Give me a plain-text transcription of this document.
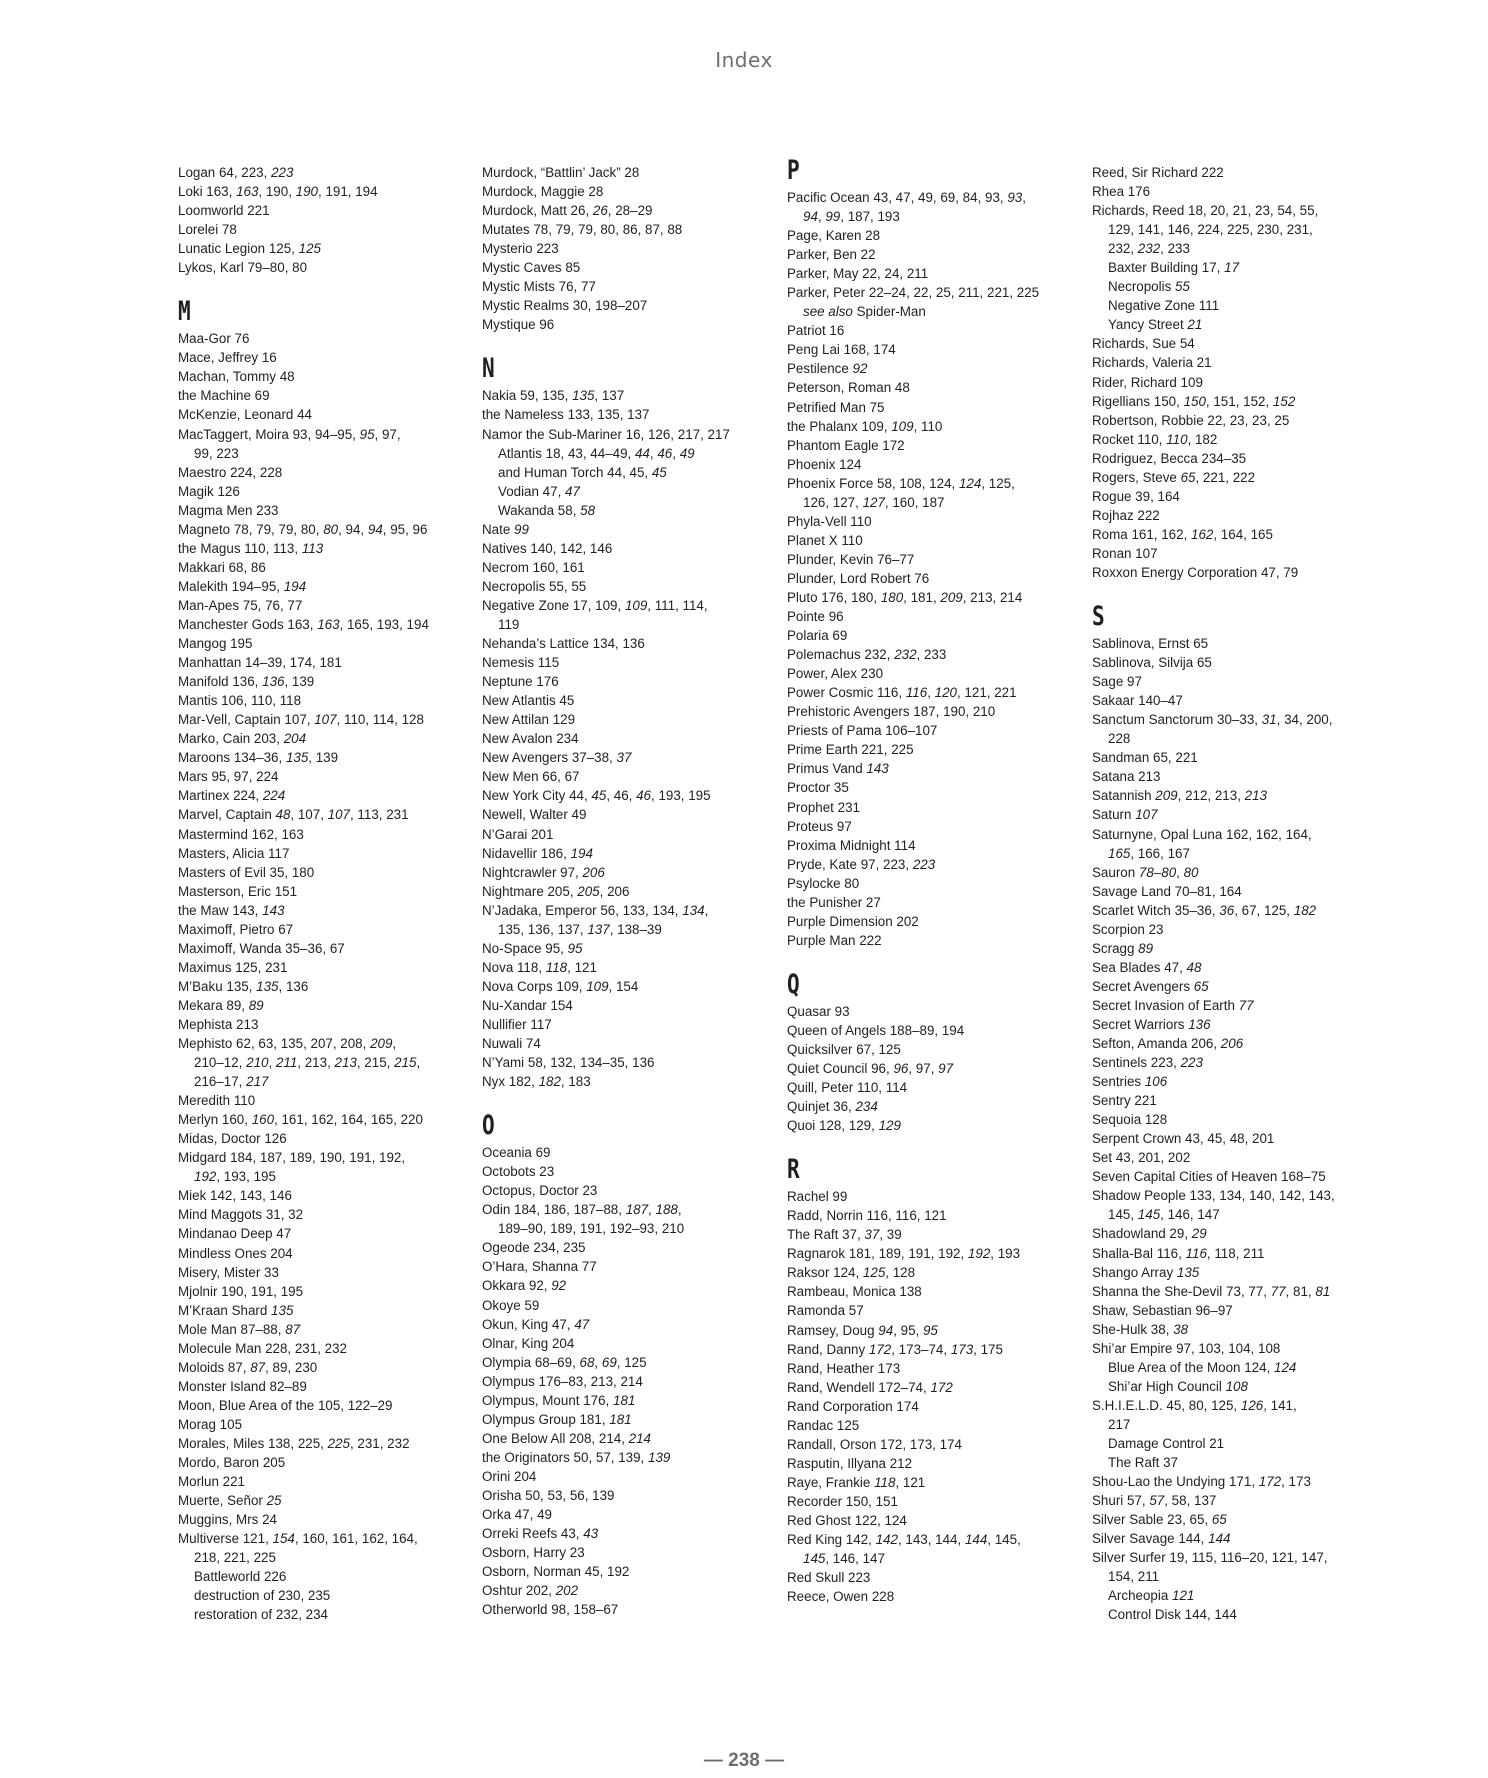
Index
Logan 64, 223, 223
Loki 163, 163, 190, 190, 191, 194
Loomworld 221
Lorelei 78
Lunatic Legion 125, 125
Lykos, Karl 79–80, 80
M
Maa-Gor 76
Mace, Jeffrey 16
Machan, Tommy 48
the Machine 69
McKenzie, Leonard 44
MacTaggert, Moira 93, 94–95, 95, 97,
99, 223
Maestro 224, 228
Magik 126
Magma Men 233
Magneto 78, 79, 79, 80, 80, 94, 94, 95, 96
the Magus 110, 113, 113
Makkari 68, 86
Malekith 194–95, 194
Man-Apes 75, 76, 77
Manchester Gods 163, 163, 165, 193, 194
Mangog 195
Manhattan 14–39, 174, 181
Manifold 136, 136, 139
Mantis 106, 110, 118
Mar-Vell, Captain 107, 107, 110, 114, 128
Marko, Cain 203, 204
Maroons 134–36, 135, 139
Mars 95, 97, 224
Martinex 224, 224
Marvel, Captain 48, 107, 107, 113, 231
Mastermind 162, 163
Masters, Alicia 117
Masters of Evil 35, 180
Masterson, Eric 151
the Maw 143, 143
Maximoff, Pietro 67
Maximoff, Wanda 35–36, 67
Maximus 125, 231
M’Baku 135, 135, 136
Mekara 89, 89
Mephista 213
Mephisto 62, 63, 135, 207, 208, 209,
210–12, 210, 211, 213, 213, 215, 215,
216–17, 217
Meredith 110
Merlyn 160, 160, 161, 162, 164, 165, 220
Midas, Doctor 126
Midgard 184, 187, 189, 190, 191, 192,
192, 193, 195
Miek 142, 143, 146
Mind Maggots 31, 32
Mindanao Deep 47
Mindless Ones 204
Misery, Mister 33
Mjolnir 190, 191, 195
M’Kraan Shard 135
Mole Man 87–88, 87
Molecule Man 228, 231, 232
Moloids 87, 87, 89, 230
Monster Island 82–89
Moon, Blue Area of the 105, 122–29
Morag 105
Morales, Miles 138, 225, 225, 231, 232
Mordo, Baron 205
Morlun 221
Muerte, Señor 25
Muggins, Mrs 24
Multiverse 121, 154, 160, 161, 162, 164,
218, 221, 225
Battleworld 226
destruction of 230, 235
restoration of 232, 234
Murdock, “Battlin’ Jack” 28
Murdock, Maggie 28
Murdock, Matt 26, 26, 28–29
Mutates 78, 79, 79, 80, 86, 87, 88
Mysterio 223
Mystic Caves 85
Mystic Mists 76, 77
Mystic Realms 30, 198–207
Mystique 96
N
Nakia 59, 135, 135, 137
the Nameless 133, 135, 137
Namor the Sub-Mariner 16, 126, 217, 217
Atlantis 18, 43, 44–49, 44, 46, 49
and Human Torch 44, 45, 45
Vodian 47, 47
Wakanda 58, 58
Nate 99
Natives 140, 142, 146
Necrom 160, 161
Necropolis 55, 55
Negative Zone 17, 109, 109, 111, 114,
119
Nehanda’s Lattice 134, 136
Nemesis 115
Neptune 176
New Atlantis 45
New Attilan 129
New Avalon 234
New Avengers 37–38, 37
New Men 66, 67
New York City 44, 45, 46, 46, 193, 195
Newell, Walter 49
N’Garai 201
Nidavellir 186, 194
Nightcrawler 97, 206
Nightmare 205, 205, 206
N’Jadaka, Emperor 56, 133, 134, 134,
135, 136, 137, 137, 138–39
No-Space 95, 95
Nova 118, 118, 121
Nova Corps 109, 109, 154
Nu-Xandar 154
Nullifier 117
Nuwali 74
N’Yami 58, 132, 134–35, 136
Nyx 182, 182, 183
O
Oceania 69
Octobots 23
Octopus, Doctor 23
Odin 184, 186, 187–88, 187, 188,
189–90, 189, 191, 192–93, 210
Ogeode 234, 235
O’Hara, Shanna 77
Okkara 92, 92
Okoye 59
Okun, King 47, 47
Olnar, King 204
Olympia 68–69, 68, 69, 125
Olympus 176–83, 213, 214
Olympus, Mount 176, 181
Olympus Group 181, 181
One Below All 208, 214, 214
the Originators 50, 57, 139, 139
Orini 204
Orisha 50, 53, 56, 139
Orka 47, 49
Orreki Reefs 43, 43
Osborn, Harry 23
Osborn, Norman 45, 192
Oshtur 202, 202
Otherworld 98, 158–67
P
Pacific Ocean 43, 47, 49, 69, 84, 93, 93,
94, 99, 187, 193
Page, Karen 28
Parker, Ben 22
Parker, May 22, 24, 211
Parker, Peter 22–24, 22, 25, 211, 221, 225
see also Spider-Man
Patriot 16
Peng Lai 168, 174
Pestilence 92
Peterson, Roman 48
Petrified Man 75
the Phalanx 109, 109, 110
Phantom Eagle 172
Phoenix 124
Phoenix Force 58, 108, 124, 124, 125,
126, 127, 127, 160, 187
Phyla-Vell 110
Planet X 110
Plunder, Kevin 76–77
Plunder, Lord Robert 76
Pluto 176, 180, 180, 181, 209, 213, 214
Pointe 96
Polaria 69
Polemachus 232, 232, 233
Power, Alex 230
Power Cosmic 116, 116, 120, 121, 221
Prehistoric Avengers 187, 190, 210
Priests of Pama 106–107
Prime Earth 221, 225
Primus Vand 143
Proctor 35
Prophet 231
Proteus 97
Proxima Midnight 114
Pryde, Kate 97, 223, 223
Psylocke 80
the Punisher 27
Purple Dimension 202
Purple Man 222
Q
Quasar 93
Queen of Angels 188–89, 194
Quicksilver 67, 125
Quiet Council 96, 96, 97, 97
Quill, Peter 110, 114
Quinjet 36, 234
Quoi 128, 129, 129
R
Rachel 99
Radd, Norrin 116, 116, 121
The Raft 37, 37, 39
Ragnarok 181, 189, 191, 192, 192, 193
Raksor 124, 125, 128
Rambeau, Monica 138
Ramonda 57
Ramsey, Doug 94, 95, 95
Rand, Danny 172, 173–74, 173, 175
Rand, Heather 173
Rand, Wendell 172–74, 172
Rand Corporation 174
Randac 125
Randall, Orson 172, 173, 174
Rasputin, Illyana 212
Raye, Frankie 118, 121
Recorder 150, 151
Red Ghost 122, 124
Red King 142, 142, 143, 144, 144, 145,
145, 146, 147
Red Skull 223
Reece, Owen 228
Reed, Sir Richard 222
Rhea 176
Richards, Reed 18, 20, 21, 23, 54, 55,
129, 141, 146, 224, 225, 230, 231,
232, 232, 233
Baxter Building 17, 17
Necropolis 55
Negative Zone 111
Yancy Street 21
Richards, Sue 54
Richards, Valeria 21
Rider, Richard 109
Rigellians 150, 150, 151, 152, 152
Robertson, Robbie 22, 23, 23, 25
Rocket 110, 110, 182
Rodriguez, Becca 234–35
Rogers, Steve 65, 221, 222
Rogue 39, 164
Rojhaz 222
Roma 161, 162, 162, 164, 165
Ronan 107
Roxxon Energy Corporation 47, 79
S
Sablinova, Ernst 65
Sablinova, Silvija 65
Sage 97
Sakaar 140–47
Sanctum Sanctorum 30–33, 31, 34, 200,
228
Sandman 65, 221
Satana 213
Satannish 209, 212, 213, 213
Saturn 107
Saturnyne, Opal Luna 162, 162, 164,
165, 166, 167
Sauron 78–80, 80
Savage Land 70–81, 164
Scarlet Witch 35–36, 36, 67, 125, 182
Scorpion 23
Scragg 89
Sea Blades 47, 48
Secret Avengers 65
Secret Invasion of Earth 77
Secret Warriors 136
Sefton, Amanda 206, 206
Sentinels 223, 223
Sentries 106
Sentry 221
Sequoia 128
Serpent Crown 43, 45, 48, 201
Set 43, 201, 202
Seven Capital Cities of Heaven 168–75
Shadow People 133, 134, 140, 142, 143,
145, 145, 146, 147
Shadowland 29, 29
Shalla-Bal 116, 116, 118, 211
Shango Array 135
Shanna the She-Devil 73, 77, 77, 81, 81
Shaw, Sebastian 96–97
She-Hulk 38, 38
Shi’ar Empire 97, 103, 104, 108
Blue Area of the Moon 124, 124
Shi’ar High Council 108
S.H.I.E.L.D. 45, 80, 125, 126, 141,
217
Damage Control 21
The Raft 37
Shou-Lao the Undying 171, 172, 173
Shuri 57, 57, 58, 137
Silver Sable 23, 65, 65
Silver Savage 144, 144
Silver Surfer 19, 115, 116–20, 121, 147,
154, 211
Archeopia 121
Control Disk 144, 144
— 238 —
